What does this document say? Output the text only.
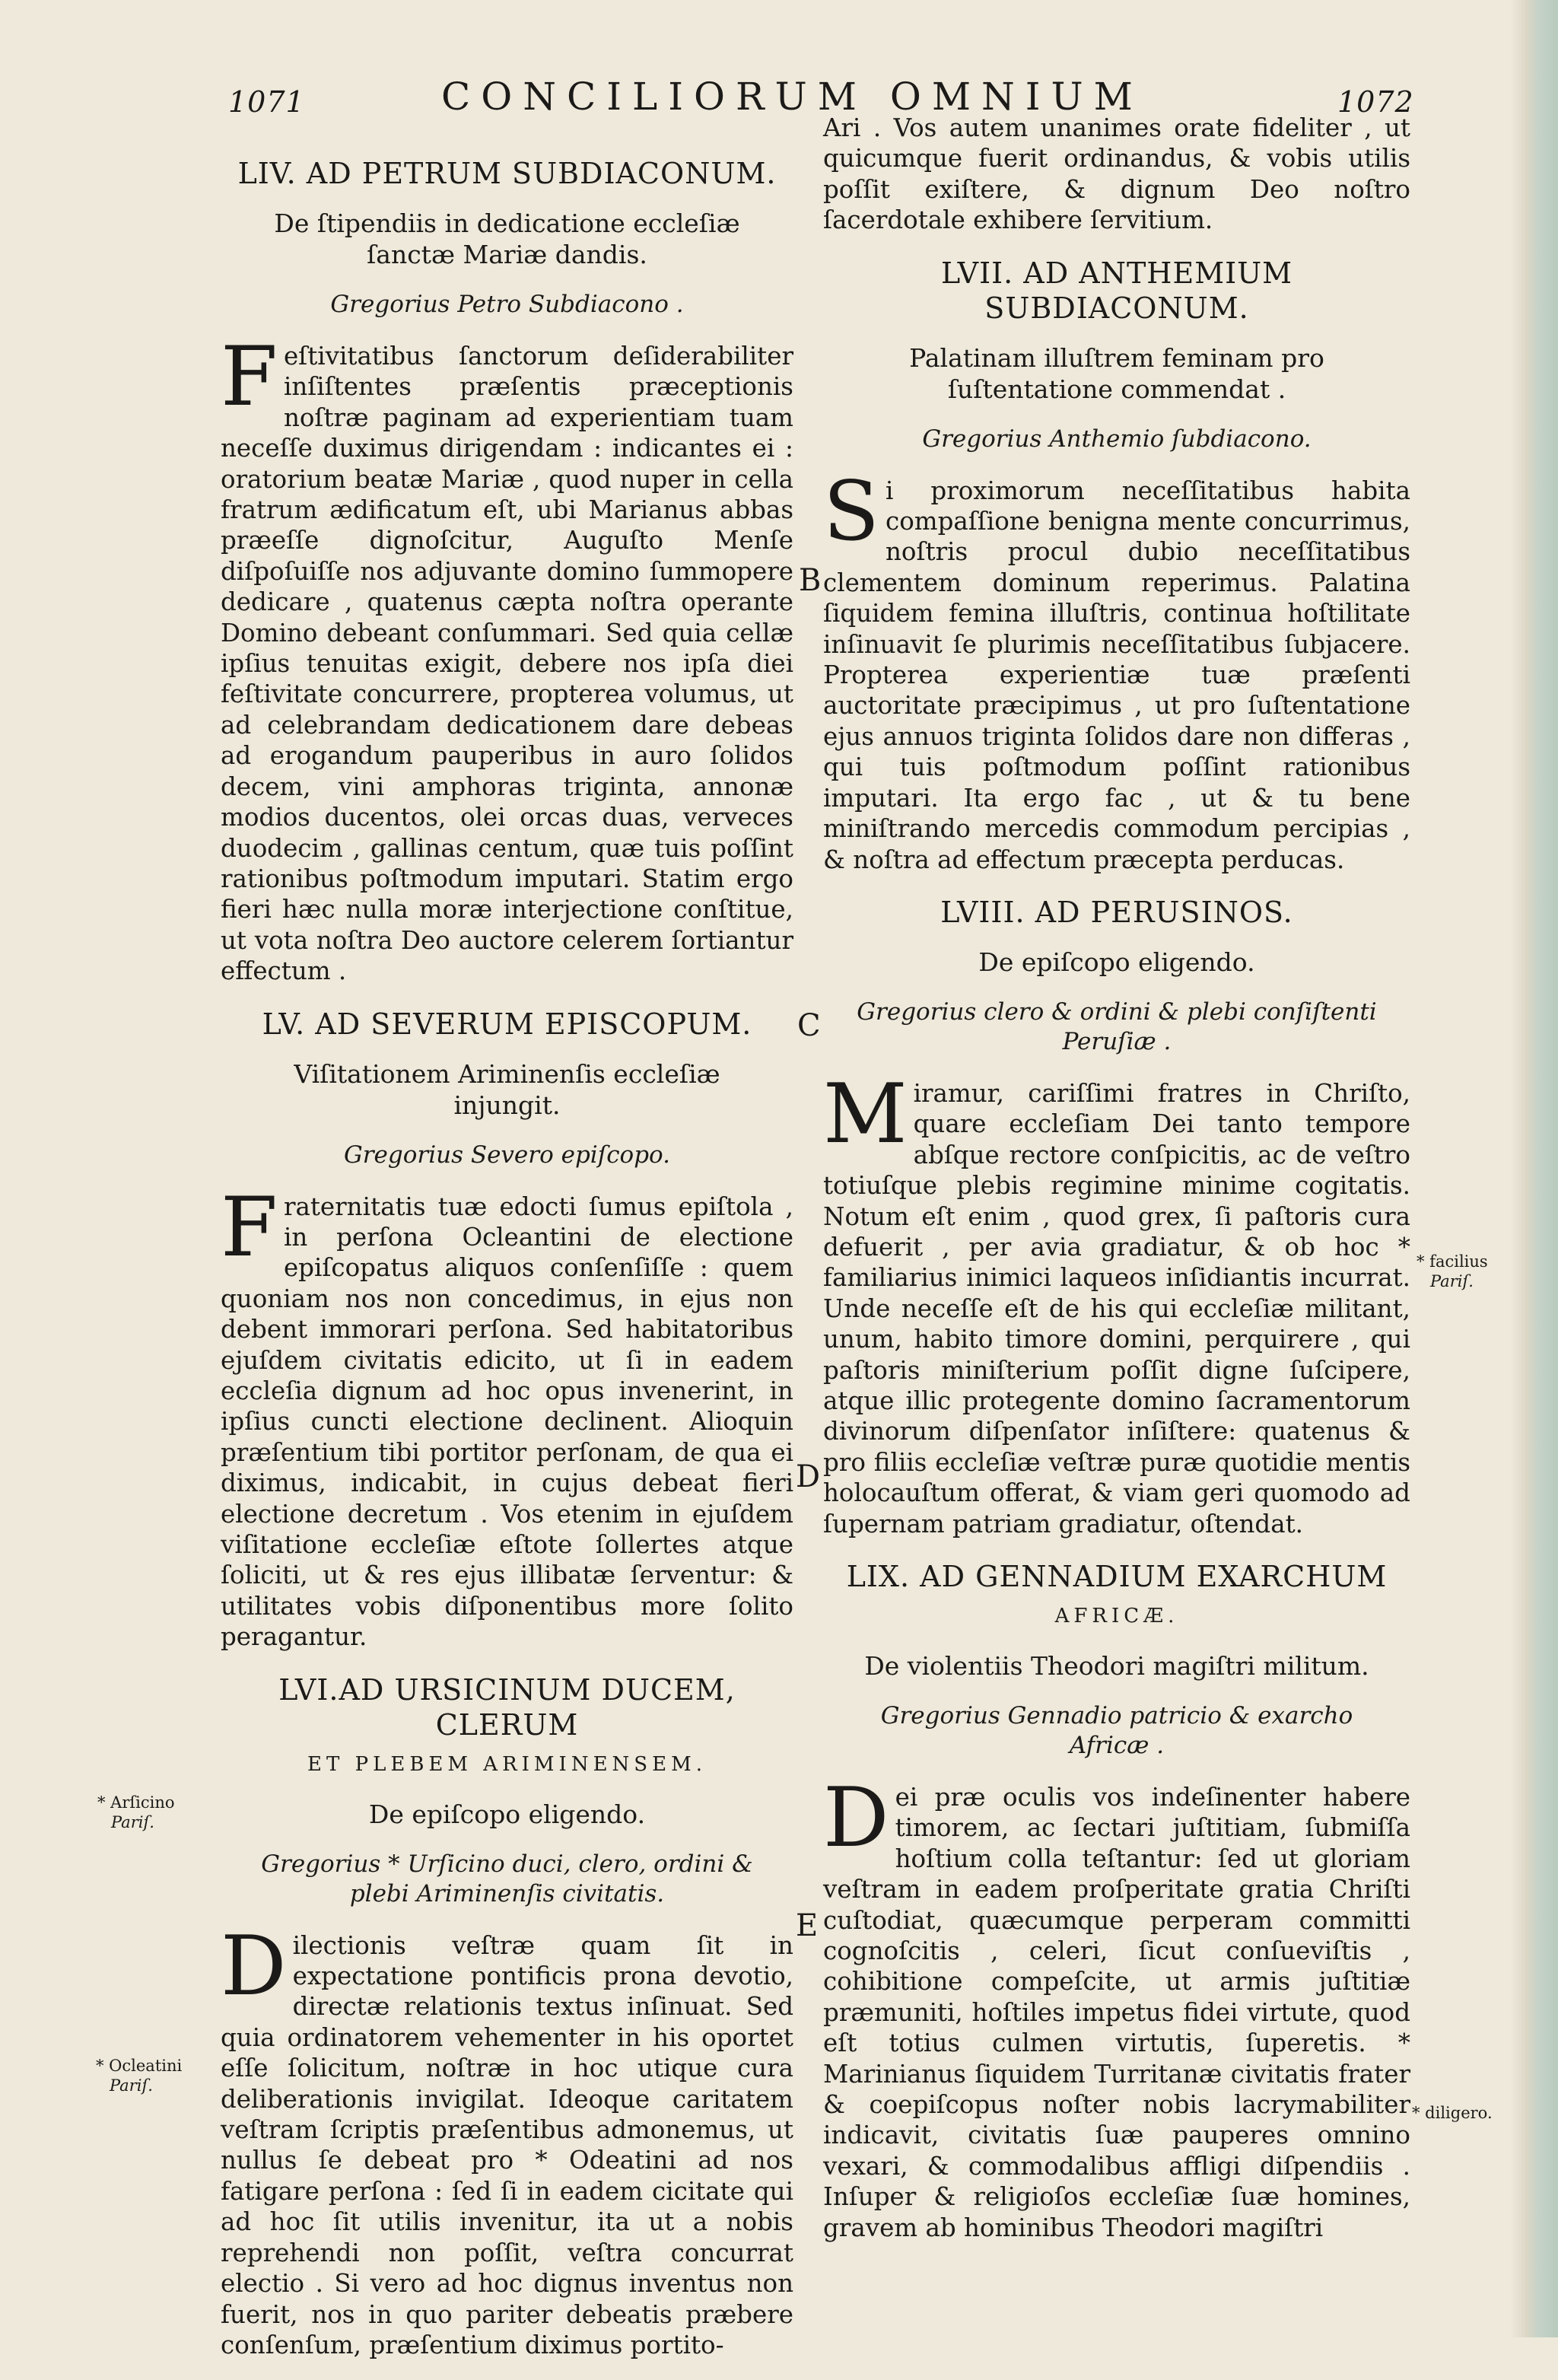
1071	CONCILIORUM OMNIUM	1072
LIV. AD PETRUM SUBDIACONUM.
De ſtipendiis in dedicatione eccleſiæ ſanctæ Mariæ dandis.
Gregorius Petro Subdiacono .
Feſtivitatibus ſanctorum deſiderabiliter inſiſtentes præſentis præceptionis noſtræ paginam ad experientiam tuam neceſſe duximus dirigendam : indicantes ei : oratorium beatæ Mariæ , quod nuper in cella fratrum ædificatum eſt, ubi Marianus abbas præeſſe dignoſcitur, Auguſto Menſe diſpoſuiſſe nos adjuvante domino ſummopere dedicare , quatenus cæpta noſtra operante Domino debeant conſummari. Sed quia cellæ ipſius tenuitas exigit, debere nos ipſa diei feſtivitate concurrere, propterea volumus, ut ad celebrandam dedicationem dare debeas ad erogandum pauperibus in auro ſolidos decem, vini amphoras triginta, annonæ modios ducentos, olei orcas duas, verveces duodecim , gallinas centum, quæ tuis poſſint rationibus poſtmodum imputari. Statim ergo fieri hæc nulla moræ interjectione conſtitue, ut vota noſtra Deo auctore celerem ſortiantur effectum .
LV. AD SEVERUM EPISCOPUM.
Viſitationem Ariminenſis eccleſiæ injungit.
Gregorius Severo epiſcopo.
Fraternitatis tuæ edocti ſumus epiſtola , in perſona Ocleantini de electione epiſcopatus aliquos conſenſiſſe : quem quoniam nos non concedimus, in ejus non debent immorari perſona. Sed habitatoribus ejuſdem civitatis edicito, ut ſi in eadem eccleſia dignum ad hoc opus invenerint, in ipſius cuncti electione declinent. Alioquin præſentium tibi portitor perſonam, de qua ei diximus, indicabit, in cujus debeat fieri electione decretum . Vos etenim in ejuſdem viſitatione eccleſiæ eſtote ſollertes atque ſoliciti, ut & res ejus illibatæ ſerventur: & utilitates vobis diſponentibus more ſolito peragantur.
LVI.AD URSICINUM DUCEM, CLERUM
ET PLEBEM ARIMINENSEM.
De epiſcopo eligendo.
Gregorius * Urſicino duci, clero, ordini & plebi Ariminenſis civitatis.
Dilectionis veſtræ quam ſit in expectatione pontificis prona devotio, directæ relationis textus inſinuat. Sed quia ordinatorem vehementer in his oportet eſſe ſolicitum, noſtræ in hoc utique cura deliberationis invigilat. Ideoque caritatem veſtram ſcriptis præſentibus admonemus, ut nullus ſe debeat pro * Odeatini ad nos fatigare perſona : ſed ſi in eadem cicitate qui ad hoc ſit utilis invenitur, ita ut a nobis reprehendi non poſſit, veſtra concurrat electio . Si vero ad hoc dignus inventus non fuerit, nos in quo pariter debeatis præbere conſenſum, præſentium diximus portito-
Ari . Vos autem unanimes orate fideliter , ut quicumque fuerit ordinandus, & vobis utilis poſſit exiſtere, & dignum Deo noſtro ſacerdotale exhibere ſervitium.
LVII. AD ANTHEMIUM SUBDIACONUM.
Palatinam illuſtrem feminam pro ſuſtentatione commendat .
Gregorius Anthemio ſubdiacono.
Si proximorum neceſſitatibus habita compaſſione benigna mente concurrimus, noſtris procul dubio neceſſitatibus clementem dominum reperimus. Palatina ſiquidem femina illuſtris, continua hoſtilitate inſinuavit ſe plurimis neceſſitatibus ſubjacere. Propterea experientiæ tuæ præſenti auctoritate præcipimus , ut pro ſuſtentatione ejus annuos triginta ſolidos dare non differas , qui tuis poſtmodum poſſint rationibus imputari. Ita ergo fac , ut & tu bene miniſtrando mercedis commodum percipias , & noſtra ad effectum præcepta perducas.
LVIII. AD PERUSINOS.
De epiſcopo eligendo.
Gregorius clero & ordini & plebi conſiſtenti Peruſiæ .
Miramur, cariſſimi fratres in Chriſto, quare eccleſiam Dei tanto tempore abſque rectore conſpicitis, ac de veſtro totiuſque plebis regimine minime cogitatis. Notum eſt enim , quod grex, ſi paſtoris cura defuerit , per avia gradiatur, & ob hoc * familiarius inimici laqueos inſidiantis incurrat. Unde neceſſe eſt de his qui eccleſiæ militant, unum, habito timore domini, perquirere , qui paſtoris miniſterium poſſit digne ſuſcipere, atque illic protegente domino ſacramentorum divinorum diſpenſator inſiſtere: quatenus & pro filiis eccleſiæ veſtræ puræ quotidie mentis holocauſtum offerat, & viam geri quomodo ad ſupernam patriam gradiatur, oſtendat.
LIX. AD GENNADIUM EXARCHUM
AFRICÆ.
De violentiis Theodori magiſtri militum.
Gregorius Gennadio patricio & exarcho Africæ .
Dei præ oculis vos indeſinenter habere timorem, ac ſectari juſtitiam, ſubmiſſa hoſtium colla teſtantur: ſed ut gloriam veſtram in eadem proſperitate gratia Chriſti cuſtodiat, quæcumque perperam committi cognoſcitis , celeri, ſicut conſueviſtis , cohibitione compeſcite, ut armis juſtitiæ præmuniti, hoſtiles impetus fidei virtute, quod eſt totius culmen virtutis, ſuperetis. * Marinianus ſiquidem Turritanæ civitatis frater & coepiſcopus noſter nobis lacrymabiliter indicavit, civitatis ſuæ pauperes omnino vexari, & commodalibus affligi diſpendiis . Inſuper & religioſos eccleſiæ ſuæ homines, gravem ab hominibus Theodori magiſtri
B
C
D
E
* Arſicino
Pariſ.
* Ocleatini
Pariſ.
* facilius
Pariſ.
* diligero.
